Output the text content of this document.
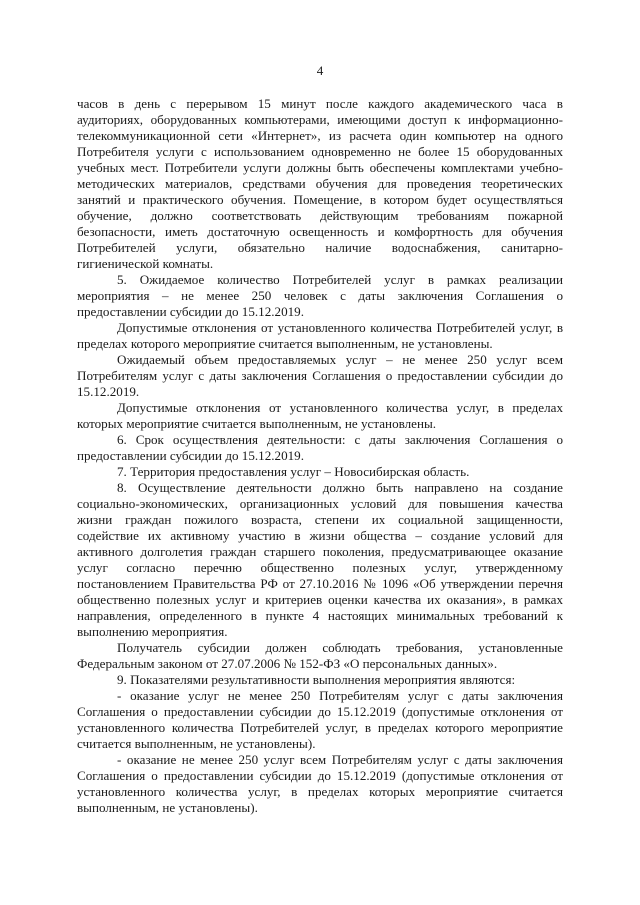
4
часов в день с перерывом 15 минут после каждого академического часа в
аудиториях, оборудованных компьютерами, имеющими доступ к информационно-
телекоммуникационной сети «Интернет», из расчета один компьютер на одного
Потребителя услуги с использованием одновременно не более 15 оборудованных
учебных мест. Потребители услуги должны быть обеспечены комплектами учебно-
методических материалов, средствами обучения для проведения теоретических
занятий и практического обучения. Помещение, в котором будет осуществляться
обучение, должно соответствовать действующим требованиям пожарной
безопасности, иметь достаточную освещенность и комфортность для обучения
Потребителей услуги, обязательно наличие водоснабжения, санитарно-
гигиенической комнаты.
5. Ожидаемое количество Потребителей услуг в рамках реализации
мероприятия – не менее 250 человек с даты заключения Соглашения о
предоставлении субсидии до 15.12.2019.
Допустимые отклонения от установленного количества Потребителей услуг, в
пределах которого мероприятие считается выполненным, не установлены.
Ожидаемый объем предоставляемых услуг – не менее 250 услуг всем
Потребителям услуг с даты заключения Соглашения о предоставлении субсидии до
15.12.2019.
Допустимые отклонения от установленного количества услуг, в пределах
которых мероприятие считается выполненным, не установлены.
6. Срок осуществления деятельности: с даты заключения Соглашения о
предоставлении субсидии до 15.12.2019.
7. Территория предоставления услуг – Новосибирская область.
8. Осуществление деятельности должно быть направлено на создание
социально-экономических, организационных условий для повышения качества
жизни граждан пожилого возраста, степени их социальной защищенности,
содействие их активному участию в жизни общества – создание условий для
активного долголетия граждан старшего поколения, предусматривающее оказание
услуг согласно перечню общественно полезных услуг, утвержденному
постановлением Правительства РФ от 27.10.2016 № 1096 «Об утверждении перечня
общественно полезных услуг и критериев оценки качества их оказания», в рамках
направления, определенного в пункте 4 настоящих минимальных требований к
выполнению мероприятия.
Получатель субсидии должен соблюдать требования, установленные
Федеральным законом от 27.07.2006 № 152-ФЗ «О персональных данных».
9. Показателями результативности выполнения мероприятия являются:
- оказание услуг не менее 250 Потребителям услуг с даты заключения
Соглашения о предоставлении субсидии до 15.12.2019 (допустимые отклонения от
установленного количества Потребителей услуг, в пределах которого мероприятие
считается выполненным, не установлены).
- оказание не менее 250 услуг всем Потребителям услуг с даты заключения
Соглашения о предоставлении субсидии до 15.12.2019 (допустимые отклонения от
установленного количества услуг, в пределах которых мероприятие считается
выполненным, не установлены).
